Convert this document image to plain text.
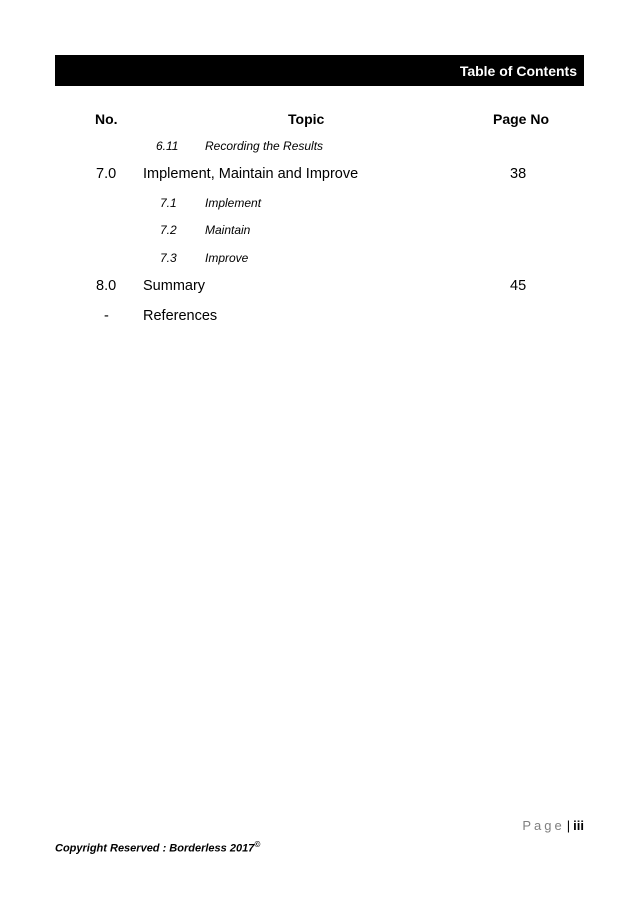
Table of Contents
No.	Topic	Page No
6.11 Recording the Results
7.0 Implement, Maintain and Improve	38
7.1 Implement
7.2 Maintain
7.3 Improve
8.0 Summary	45
- References
Page | iii
Copyright Reserved : Borderless 2017©
